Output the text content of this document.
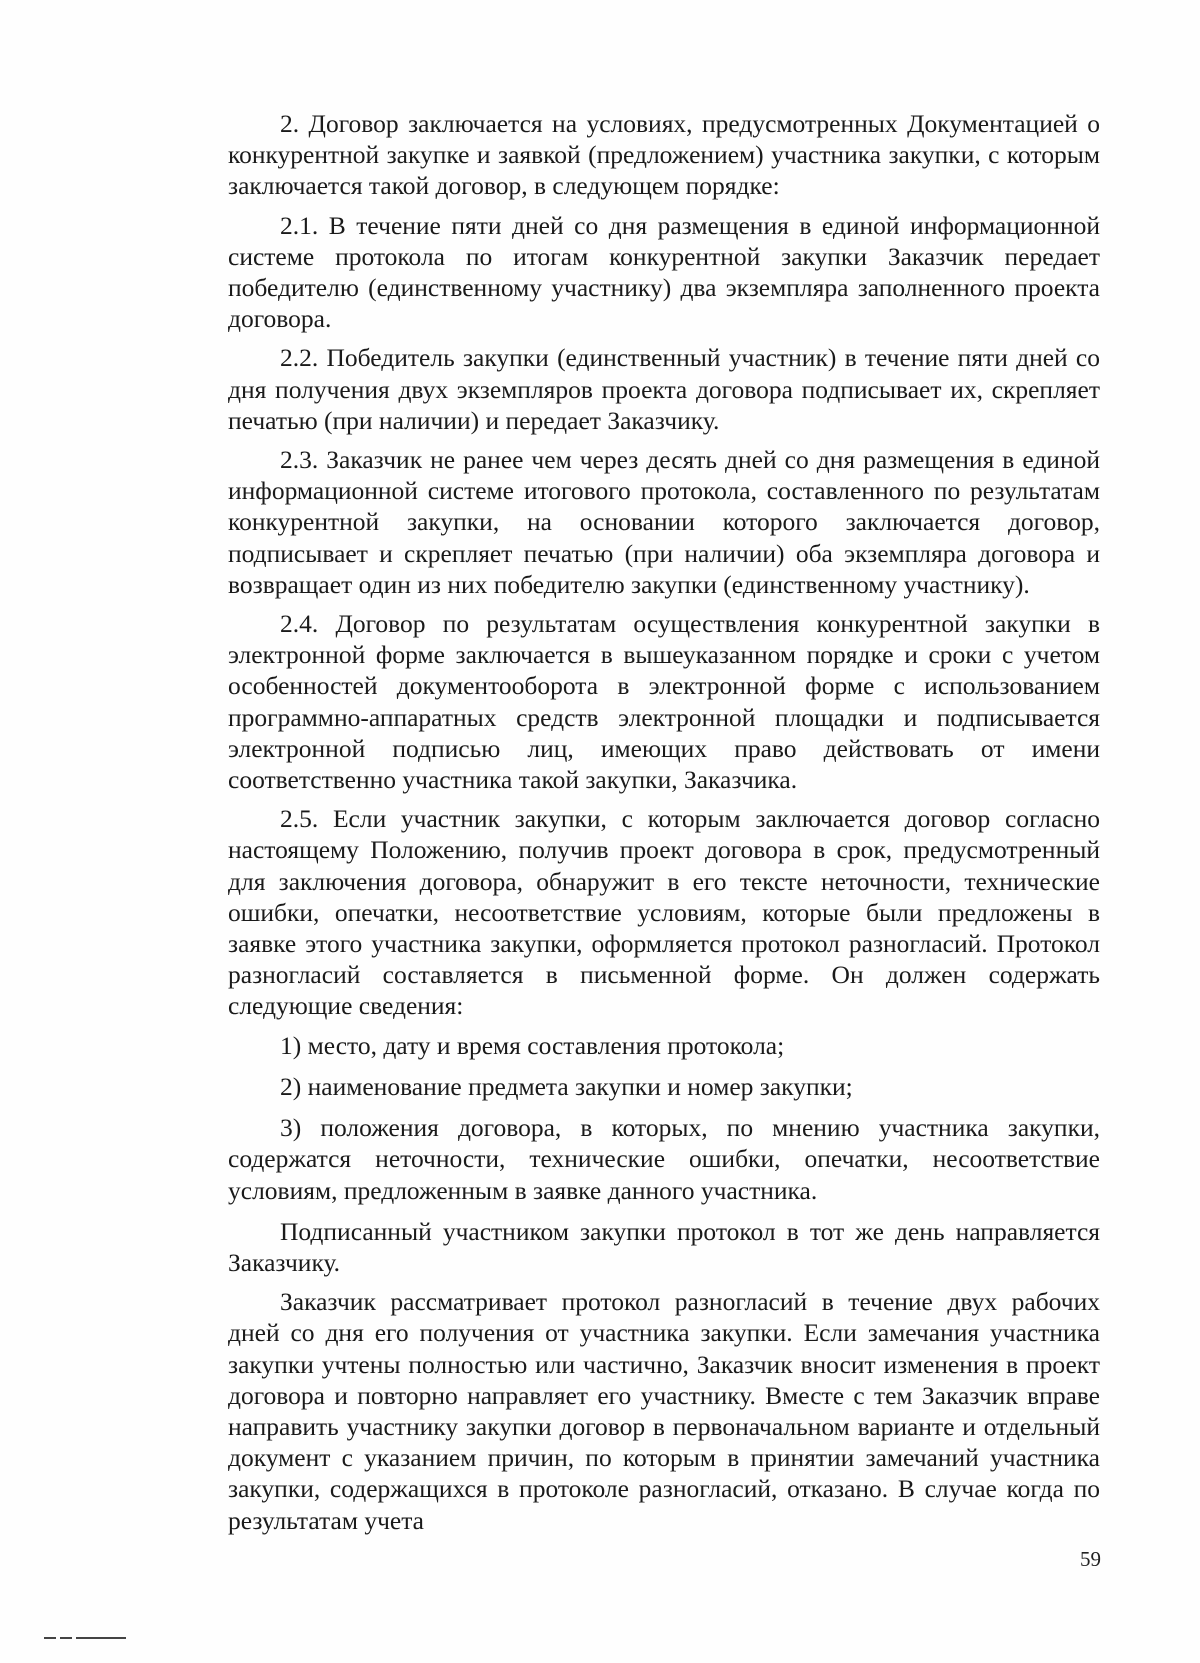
2. Договор заключается на условиях, предусмотренных Документацией о конкурентной закупке и заявкой (предложением) участника закупки, с которым заключается такой договор, в следующем порядке:

2.1. В течение пяти дней со дня размещения в единой информационной системе протокола по итогам конкурентной закупки Заказчик передает победителю (единственному участнику) два экземпляра заполненного проекта договора.

2.2. Победитель закупки (единственный участник) в течение пяти дней со дня получения двух экземпляров проекта договора подписывает их, скрепляет печатью (при наличии) и передает Заказчику.

2.3. Заказчик не ранее чем через десять дней со дня размещения в единой информационной системе итогового протокола, составленного по результатам конкурентной закупки, на основании которого заключается договор, подписывает и скрепляет печатью (при наличии) оба экземпляра договора и возвращает один из них победителю закупки (единственному участнику).

2.4. Договор по результатам осуществления конкурентной закупки в электронной форме заключается в вышеуказанном порядке и сроки с учетом особенностей документооборота в электронной форме с использованием программно-аппаратных средств электронной площадки и подписывается электронной подписью лиц, имеющих право действовать от имени соответственно участника такой закупки, Заказчика.

2.5. Если участник закупки, с которым заключается договор согласно настоящему Положению, получив проект договора в срок, предусмотренный для заключения договора, обнаружит в его тексте неточности, технические ошибки, опечатки, несоответствие условиям, которые были предложены в заявке этого участника закупки, оформляется протокол разногласий. Протокол разногласий составляется в письменной форме. Он должен содержать следующие сведения:

1) место, дату и время составления протокола;

2) наименование предмета закупки и номер закупки;

3) положения договора, в которых, по мнению участника закупки, содержатся неточности, технические ошибки, опечатки, несоответствие условиям, предложенным в заявке данного участника.

Подписанный участником закупки протокол в тот же день направляется Заказчику.

Заказчик рассматривает протокол разногласий в течение двух рабочих дней со дня его получения от участника закупки. Если замечания участника закупки учтены полностью или частично, Заказчик вносит изменения в проект договора и повторно направляет его участнику. Вместе с тем Заказчик вправе направить участнику закупки договор в первоначальном варианте и отдельный документ с указанием причин, по которым в принятии замечаний участника закупки, содержащихся в протоколе разногласий, отказано. В случае когда по результатам учета

59
